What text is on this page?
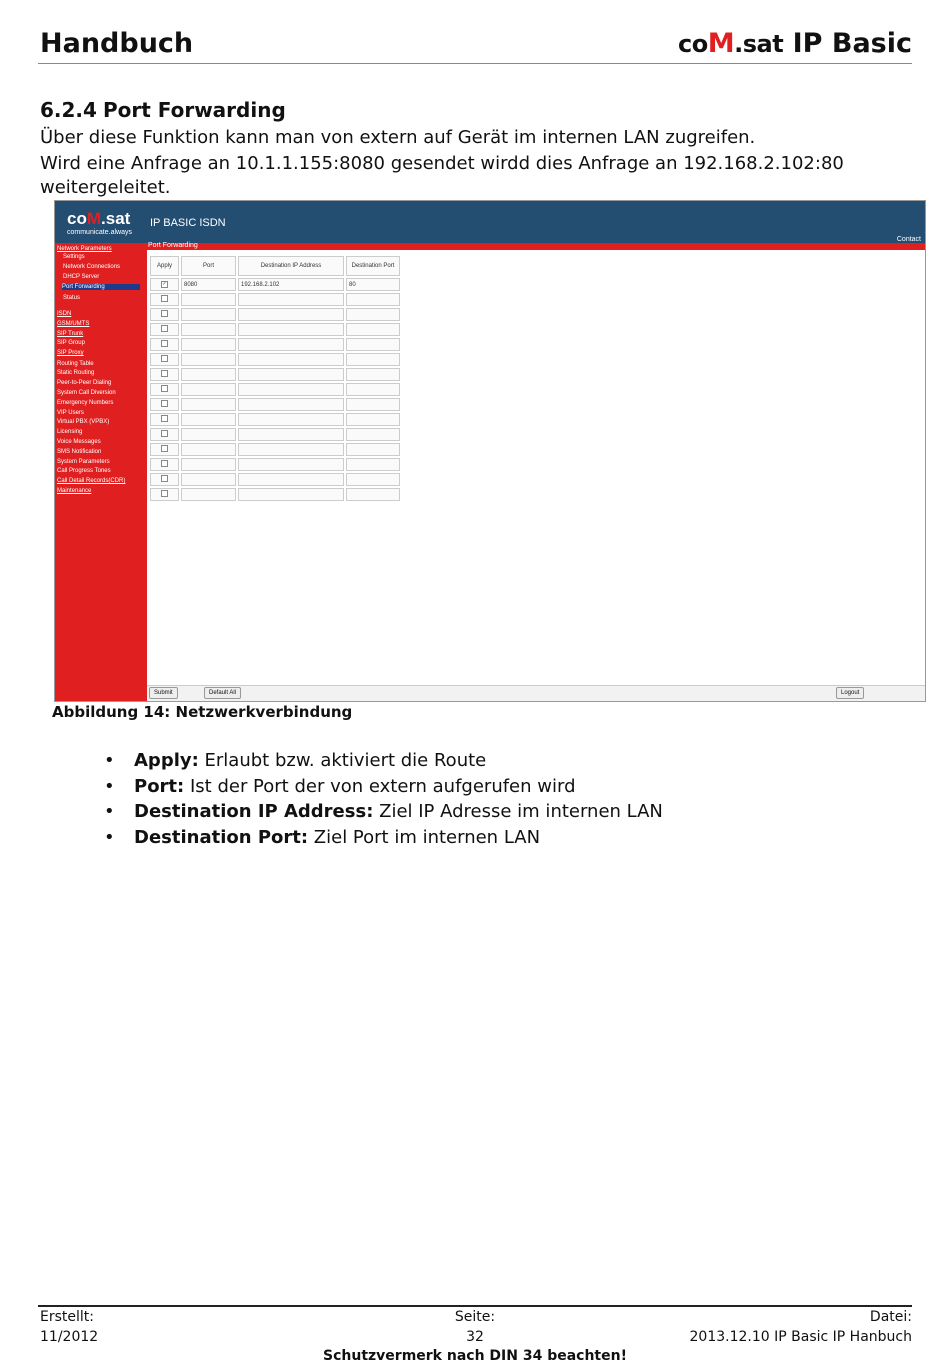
Handbuch	coM.sat IP Basic
6.2.4 Port Forwarding
Über diese Funktion kann man von extern auf Gerät im internen LAN zugreifen.
Wird eine Anfrage an 10.1.1.155:8080 gesendet wirdd dies Anfrage an 192.168.2.102:80 weitergeleitet.
coM.sat
communicate.always
IP BASIC ISDN
Contact
Network Parameters
Settings
Network Connections
DHCP Server
Port Forwarding
Status
ISDN
GSM/UMTS
SIP Trunk
SIP Group
SIP Proxy
Routing Table
Static Routing
Peer-to-Peer Dialing
System Call Diversion
Emergency Numbers
VIP Users
Virtual PBX (VPBX)
Licensing
Voice Messages
SMS Notification
System Parameters
Call Progress Tones
Call Detail Records(CDR)
Maintenance
Port Forwarding
Apply	Port	Destination IP Address	Destination Port
✓	8080	192.168.2.102	80

Submit	Default All	Logout
Abbildung 14: Netzwerkverbindung
• Apply: Erlaubt bzw. aktiviert die Route
• Port: Ist der Port der von extern aufgerufen wird
• Destination IP Address: Ziel IP Adresse im internen LAN
• Destination Port: Ziel Port im internen LAN
Erstellt:
11/2012
Seite:
32
Datei:
2013.12.10 IP Basic IP Hanbuch
Schutzvermerk nach DIN 34 beachten!
